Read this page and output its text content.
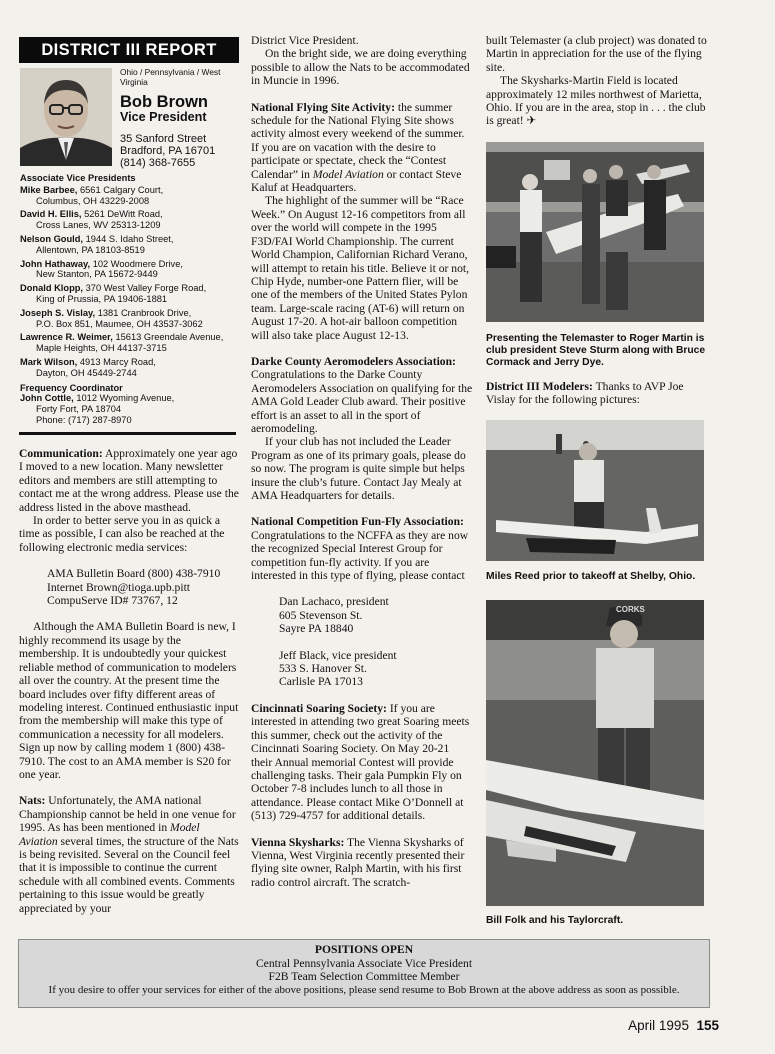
DISTRICT III REPORT
Ohio / Pennsylvania / West Virginia
Bob Brown
Vice President
35 Sanford Street
Bradford, PA 16701
(814) 368-7655
Associate Vice Presidents
Mike Barbee, 6561 Calgary Court,
Columbus, OH 43229-2008
David H. Ellis, 5261 DeWitt Road,
Cross Lanes, WV 25313-1209
Nelson Gould, 1944 S. Idaho Street,
Allentown, PA 18103-8519
John Hathaway, 102 Woodmere Drive,
New Stanton, PA 15672-9449
Donald Klopp, 370 West Valley Forge Road,
King of Prussia, PA 19406-1881
Joseph S. Vislay, 1381 Cranbrook Drive,
P.O. Box 851, Maumee, OH 43537-3062
Lawrence R. Weimer, 15613 Greendale Avenue,
Maple Heights, OH 44137-3715
Mark Wilson, 4913 Marcy Road,
Dayton, OH 45449-2744
Frequency Coordinator
John Cottle, 1012 Wyoming Avenue,
Forty Fort, PA 18704
Phone: (717) 287-8970

Communication: Approximately one year ago I moved to a new location. Many newsletter editors and members are still attempting to contact me at the wrong address. Please use the address listed in the above masthead.

In order to better serve you in as quick a time as possible, I can also be reached at the following electronic media services:

AMA Bulletin Board (800) 438-7910

Internet Brown@tioga.upb.pitt

CompuServe ID# 73767, 12

Although the AMA Bulletin Board is new, I highly recommend its usage by the membership. It is undoubtedly your quickest reliable method of communication to modelers all over the country. At the present time the board includes over fifty different areas of modeling interest. Continued enthusiastic input from the membership will make this type of communication a necessity for all modelers. Sign up now by calling modem 1 (800) 438-7910. The cost to an AMA member is S20 for one year.

Nats: Unfortunately, the AMA national Championship cannot be held in one venue for 1995. As has been mentioned in Model Aviation several times, the structure of the Nats is being revisited. Several on the Council feel that it is impossible to continue the current schedule with all combined events. Comments pertaining to this issue would be greatly appreciated by your

District Vice President.

On the bright side, we are doing everything possible to allow the Nats to be accommodated in Muncie in 1996.

National Flying Site Activity: the summer schedule for the National Flying Site shows activity almost every weekend of the summer. If you are on vacation with the desire to participate or spectate, check the “Contest Calendar” in Model Aviation or contact Steve Kaluf at Headquarters.

The highlight of the summer will be “Race Week.” On August 12-16 competitors from all over the world will compete in the 1995 F3D/FAI World Championship. The current World Champion, Californian Richard Verano, will attempt to retain his title. Believe it or not, Chip Hyde, number-one Pattern flier, will be one of the members of the United States Pylon team. Large-scale racing (AT-6) will return on August 17-20. A hot-air balloon competition will also take place August 12-13.

Darke County Aeromodelers Association: Congratulations to the Darke County Aeromodelers Association on qualifying for the AMA Gold Leader Club award. Their positive effort is an asset to all in the sport of aeromodeling.

If your club has not included the Leader Program as one of its primary goals, please do so now. The program is quite simple but helps insure the club’s future. Contact Jay Mealy at AMA Headquarters for details.

National Competition Fun-Fly Association: Congratulations to the NCFFA as they are now the recognized Special Interest Group for competition fun-fly activity. If you are interested in this type of flying, please contact

Dan Lachaco, president

605 Stevenson St.

Sayre PA 18840

Jeff Black, vice president

533 S. Hanover St.

Carlisle PA 17013

Cincinnati Soaring Society: If you are interested in attending two great Soaring meets this summer, check out the activity of the Cincinnati Soaring Society. On May 20-21 their Annual memorial Contest will provide challenging tasks. Their gala Pumpkin Fly on October 7-8 includes lunch to all those in attendance. Please contact Mike O’Donnell at (513) 729-4757 for additional details.

Vienna Skysharks: The Vienna Skysharks of Vienna, West Virginia recently presented their flying site owner, Ralph Martin, with his first radio control aircraft. The scratch-

built Telemaster (a club project) was donated to Martin in appreciation for the use of the flying site.

The Skysharks-Martin Field is located approximately 12 miles northwest of Marietta, Ohio. If you are in the area, stop in . . . the club is great! ✈

Presenting the Telemaster to Roger Martin is club president Steve Sturm along with Bruce Cormack and Jerry Dye.

District III Modelers: Thanks to AVP Joe Vislay for the following pictures:

Miles Reed prior to takeoff at Shelby, Ohio.
CORKS
Bill Folk and his Taylorcraft.
POSITIONS OPEN
Central Pennsylvania Associate Vice President
F2B Team Selection Committee Member
If you desire to offer your services for either of the above positions, please send resume to Bob Brown at the above address as soon as possible.
April 1995 155
